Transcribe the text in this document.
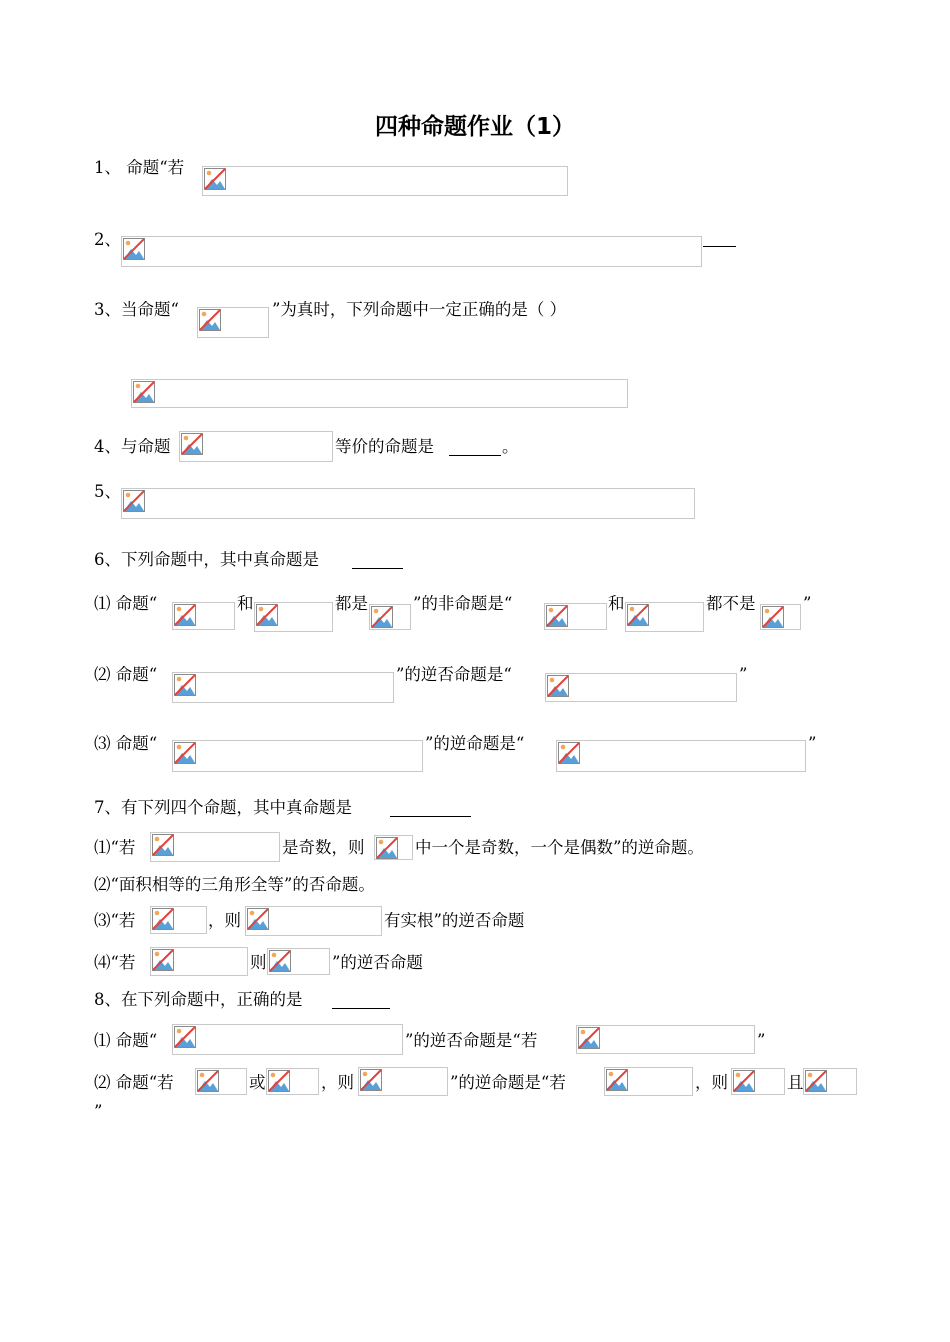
四种命题作业（1）
1、 命题“若
2、
3、当命题“	”为真时，下列命题中一定正确的是（ ）
4、与命题	等价的命题是	。
5、
6、下列命题中，其中真命题是
⑴ 命题“	和	都是	”的非命题是“	和	都不是	”
⑵ 命题“	”的逆否命题是“	”
⑶ 命题“	”的逆命题是“	”
7、有下列四个命题，其中真命题是
⑴“若	是奇数，则	中一个是奇数，一个是偶数”的逆命题。
⑵“面积相等的三角形全等”的否命题。
⑶“若	，则	有实根”的逆否命题
⑷“若	则	”的逆否命题
8、在下列命题中，正确的是
⑴ 命题“	”的逆否命题是“若	”
⑵ 命题“若	或	，则	”的逆命题是“若	，则	且
”
